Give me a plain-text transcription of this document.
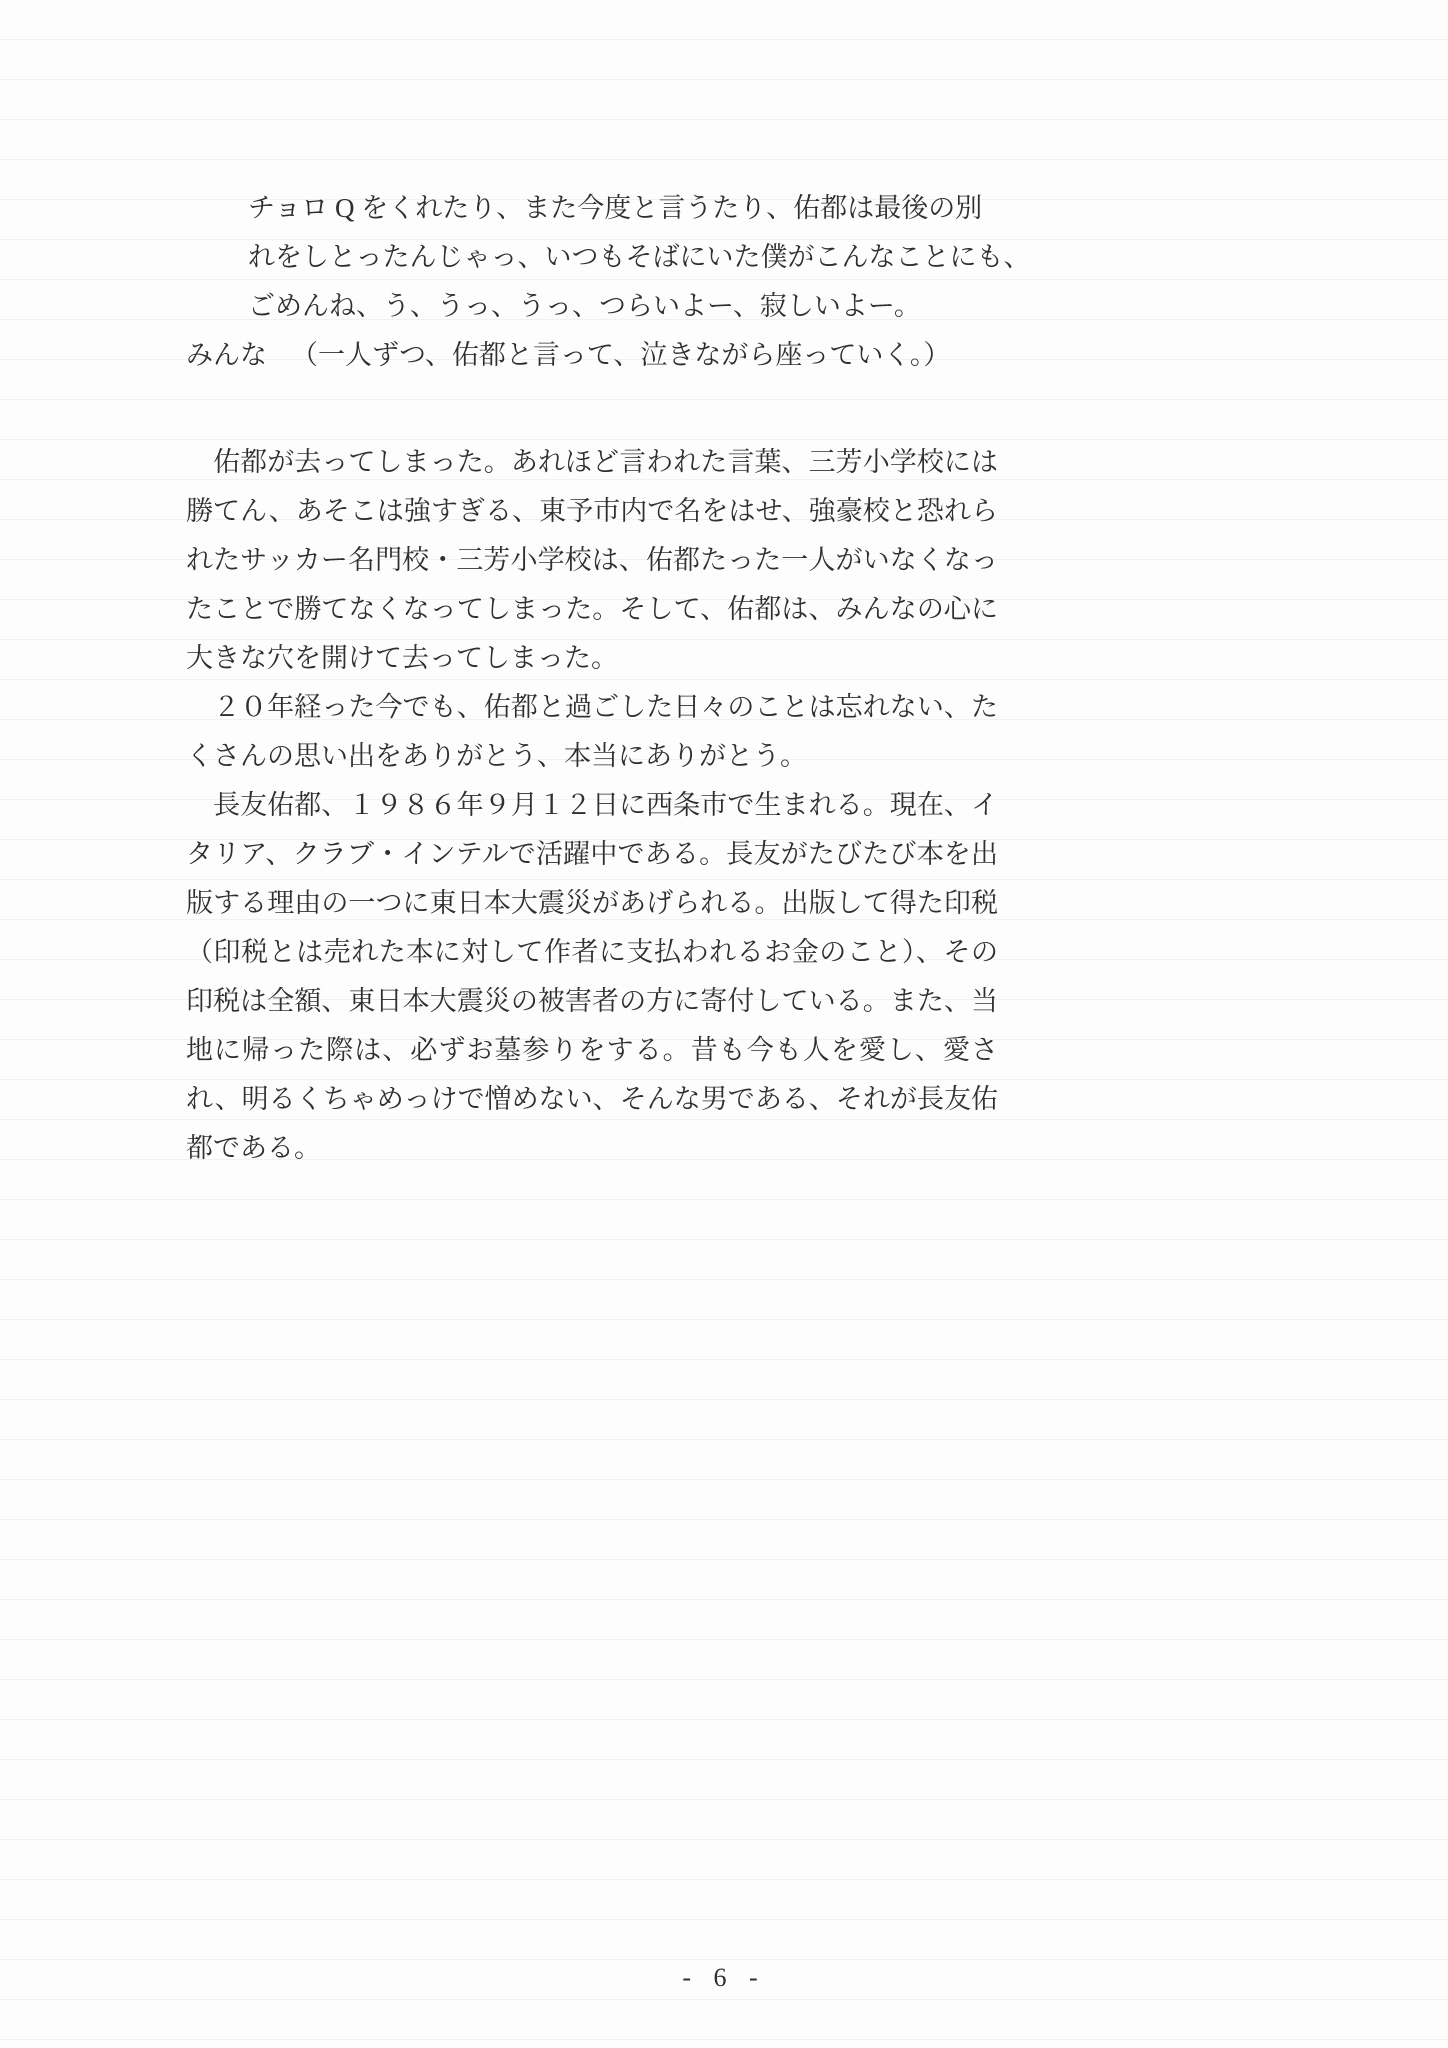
チョロ Q をくれたり、また今度と言うたり、佑都は最後の別
れをしとったんじゃっ、いつもそばにいた僕がこんなことにも、
ごめんね、う、うっ、うっ、つらいよー、寂しいよー。
みんな （一人ずつ、佑都と言って、泣きながら座っていく。）

　佑都が去ってしまった。あれほど言われた言葉、三芳小学校には勝てん、あそこは強すぎる、東予市内で名をはせ、強豪校と恐れられたサッカー名門校・三芳小学校は、佑都たった一人がいなくなったことで勝てなくなってしまった。そして、佑都は、みんなの心に大きな穴を開けて去ってしまった。

　２０年経った今でも、佑都と過ごした日々のことは忘れない、たくさんの思い出をありがとう、本当にありがとう。

　長友佑都、１９８６年９月１２日に西条市で生まれる。現在、イタリア、クラブ・インテルで活躍中である。長友がたびたび本を出版する理由の一つに東日本大震災があげられる。出版して得た印税（印税とは売れた本に対して作者に支払われるお金のこと）、その印税は全額、東日本大震災の被害者の方に寄付している。また、当地に帰った際は、必ずお墓参りをする。昔も今も人を愛し、愛され、明るくちゃめっけで憎めない、そんな男である、それが長友佑都である。

- 6 -
